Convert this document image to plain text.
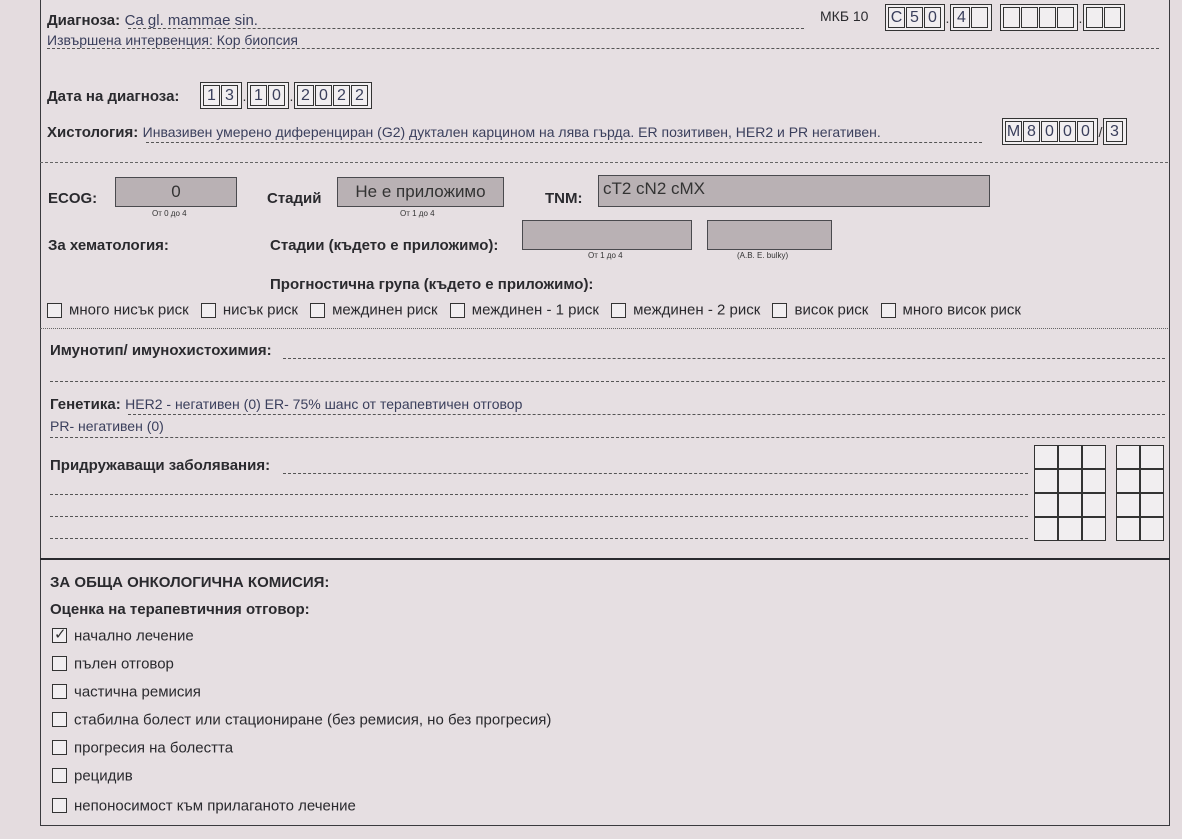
Диагноза: Ca gl. mammae sin.
Извършена интервенция: Кор биопсия
МКБ 10 C 5 0 . 4	.
Дата на диагноза: 1 3 . 1 0 . 2 0 2 2
Хистология: Инвазивен умерено диференциран (G2) дуктален карцином на лява гърда. ER позитивен, HER2 и PR негативен.	M 8 0 0 0 / 3
ECOG:	0
От 0 до 4
Стадий	Не е приложимо
От 1 до 4
TNM:
cT2 cN2 cMX
За хематология:	Стадии (където е приложимо):
От 1 до 4	(A.B. E. bulky)
Прогностична група (където е приложимо):
много нисък риск нисък риск междинен риск междинен - 1 риск междинен - 2 риск висок риск много висок риск
Имунотип/ имунохистохимия:
Генетика: HER2 - негативен (0) ER- 75% шанс от терапевтичен отговор
PR- негативен (0)
Придружаващи заболявания:
ЗА ОБЩА ОНКОЛОГИЧНА КОМИСИЯ:
Оценка на терапевтичния отговор:
✓ начално лечение
пълен отговор
частична ремисия
стабилна болест или стациониране (без ремисия, но без прогресия)
прогресия на болестта
рецидив
непоносимост към прилаганото лечение
